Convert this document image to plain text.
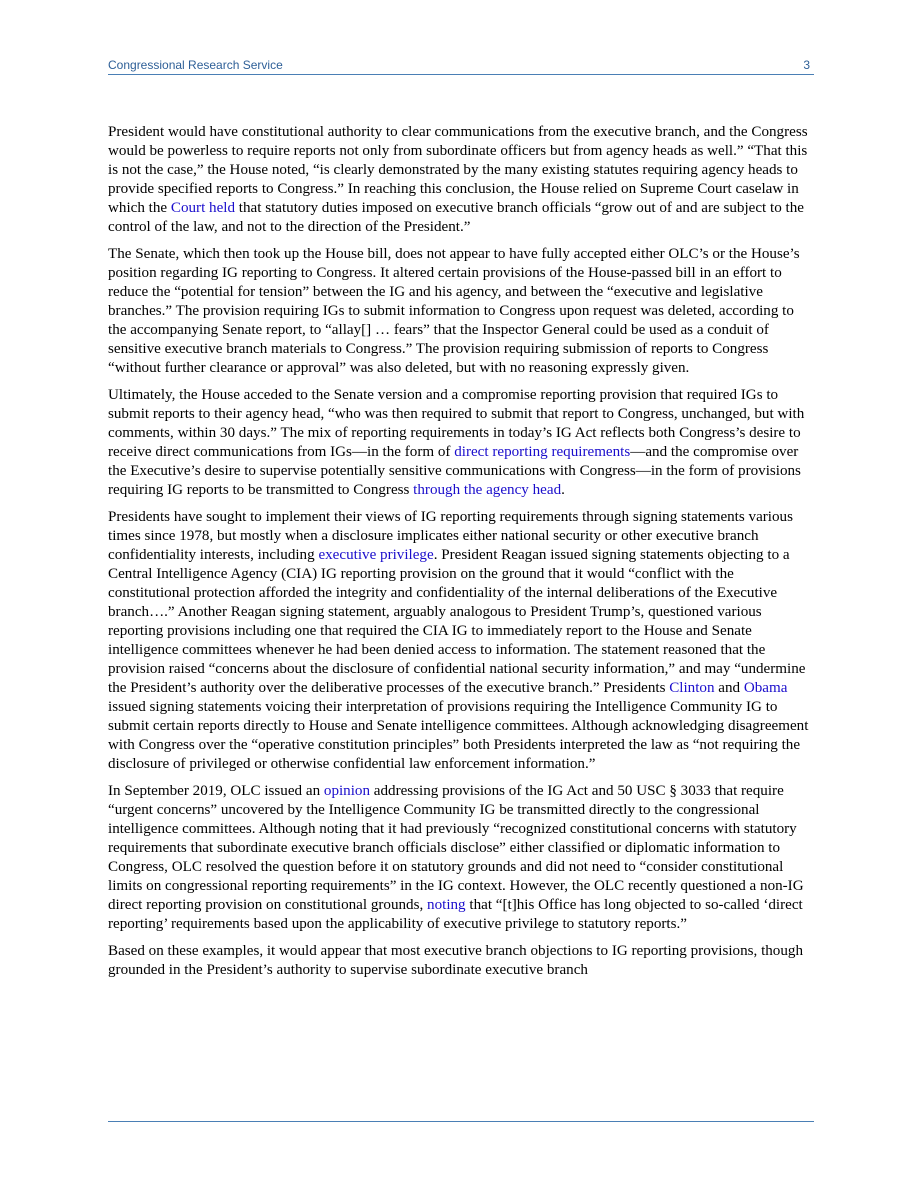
Congressional Research Service	3

President would have constitutional authority to clear communications from the executive branch, and the Congress would be powerless to require reports not only from subordinate officers but from agency heads as well.” “That this is not the case,” the House noted, “is clearly demonstrated by the many existing statutes requiring agency heads to provide specified reports to Congress.” In reaching this conclusion, the House relied on Supreme Court caselaw in which the Court held that statutory duties imposed on executive branch officials “grow out of and are subject to the control of the law, and not to the direction of the President.”

The Senate, which then took up the House bill, does not appear to have fully accepted either OLC’s or the House’s position regarding IG reporting to Congress. It altered certain provisions of the House-passed bill in an effort to reduce the “potential for tension” between the IG and his agency, and between the “executive and legislative branches.” The provision requiring IGs to submit information to Congress upon request was deleted, according to the accompanying Senate report, to “allay[] … fears” that the Inspector General could be used as a conduit of sensitive executive branch materials to Congress.” The provision requiring submission of reports to Congress “without further clearance or approval” was also deleted, but with no reasoning expressly given.

Ultimately, the House acceded to the Senate version and a compromise reporting provision that required IGs to submit reports to their agency head, “who was then required to submit that report to Congress, unchanged, but with comments, within 30 days.” The mix of reporting requirements in today’s IG Act reflects both Congress’s desire to receive direct communications from IGs—in the form of direct reporting requirements—and the compromise over the Executive’s desire to supervise potentially sensitive communications with Congress—in the form of provisions requiring IG reports to be transmitted to Congress through the agency head.

Presidents have sought to implement their views of IG reporting requirements through signing statements various times since 1978, but mostly when a disclosure implicates either national security or other executive branch confidentiality interests, including executive privilege. President Reagan issued signing statements objecting to a Central Intelligence Agency (CIA) IG reporting provision on the ground that it would “conflict with the constitutional protection afforded the integrity and confidentiality of the internal deliberations of the Executive branch….” Another Reagan signing statement, arguably analogous to President Trump’s, questioned various reporting provisions including one that required the CIA IG to immediately report to the House and Senate intelligence committees whenever he had been denied access to information. The statement reasoned that the provision raised “concerns about the disclosure of confidential national security information,” and may “undermine the President’s authority over the deliberative processes of the executive branch.” Presidents Clinton and Obama issued signing statements voicing their interpretation of provisions requiring the Intelligence Community IG to submit certain reports directly to House and Senate intelligence committees. Although acknowledging disagreement with Congress over the “operative constitution principles” both Presidents interpreted the law as “not requiring the disclosure of privileged or otherwise confidential law enforcement information.”

In September 2019, OLC issued an opinion addressing provisions of the IG Act and 50 USC § 3033 that require “urgent concerns” uncovered by the Intelligence Community IG be transmitted directly to the congressional intelligence committees. Although noting that it had previously “recognized constitutional concerns with statutory requirements that subordinate executive branch officials disclose” either classified or diplomatic information to Congress, OLC resolved the question before it on statutory grounds and did not need to “consider constitutional limits on congressional reporting requirements” in the IG context. However, the OLC recently questioned a non-IG direct reporting provision on constitutional grounds, noting that “[t]his Office has long objected to so-called ‘direct reporting’ requirements based upon the applicability of executive privilege to statutory reports.”

Based on these examples, it would appear that most executive branch objections to IG reporting provisions, though grounded in the President’s authority to supervise subordinate executive branch
